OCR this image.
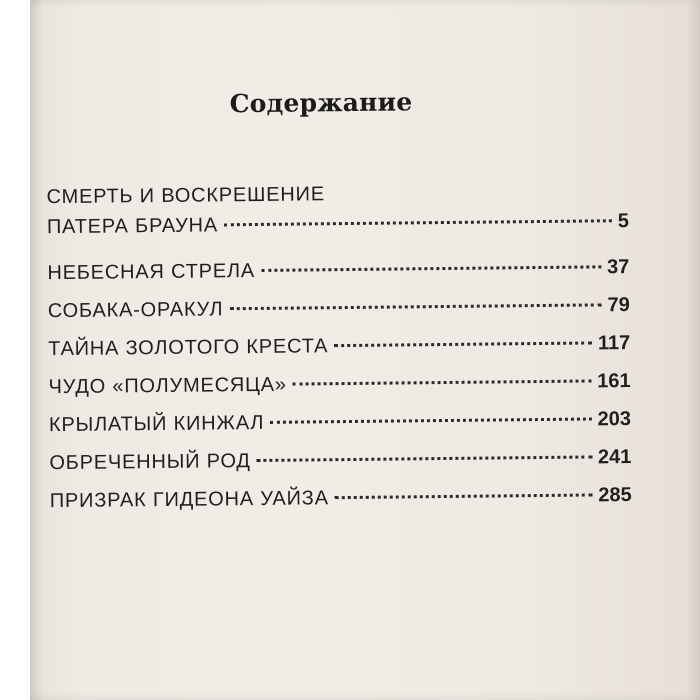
Содержание
СМЕРТЬ И ВОСКРЕШЕНИЕ
ПАТЕРА БРАУНА	5
НЕБЕСНАЯ СТРЕЛА	37
СОБАКА-ОРАКУЛ	79
ТАЙНА ЗОЛОТОГО КРЕСТА	117
ЧУДО «ПОЛУМЕСЯЦА»	161
КРЫЛАТЫЙ КИНЖАЛ	203
ОБРЕЧЕННЫЙ РОД	241
ПРИЗРАК ГИДЕОНА УАЙЗА	285
